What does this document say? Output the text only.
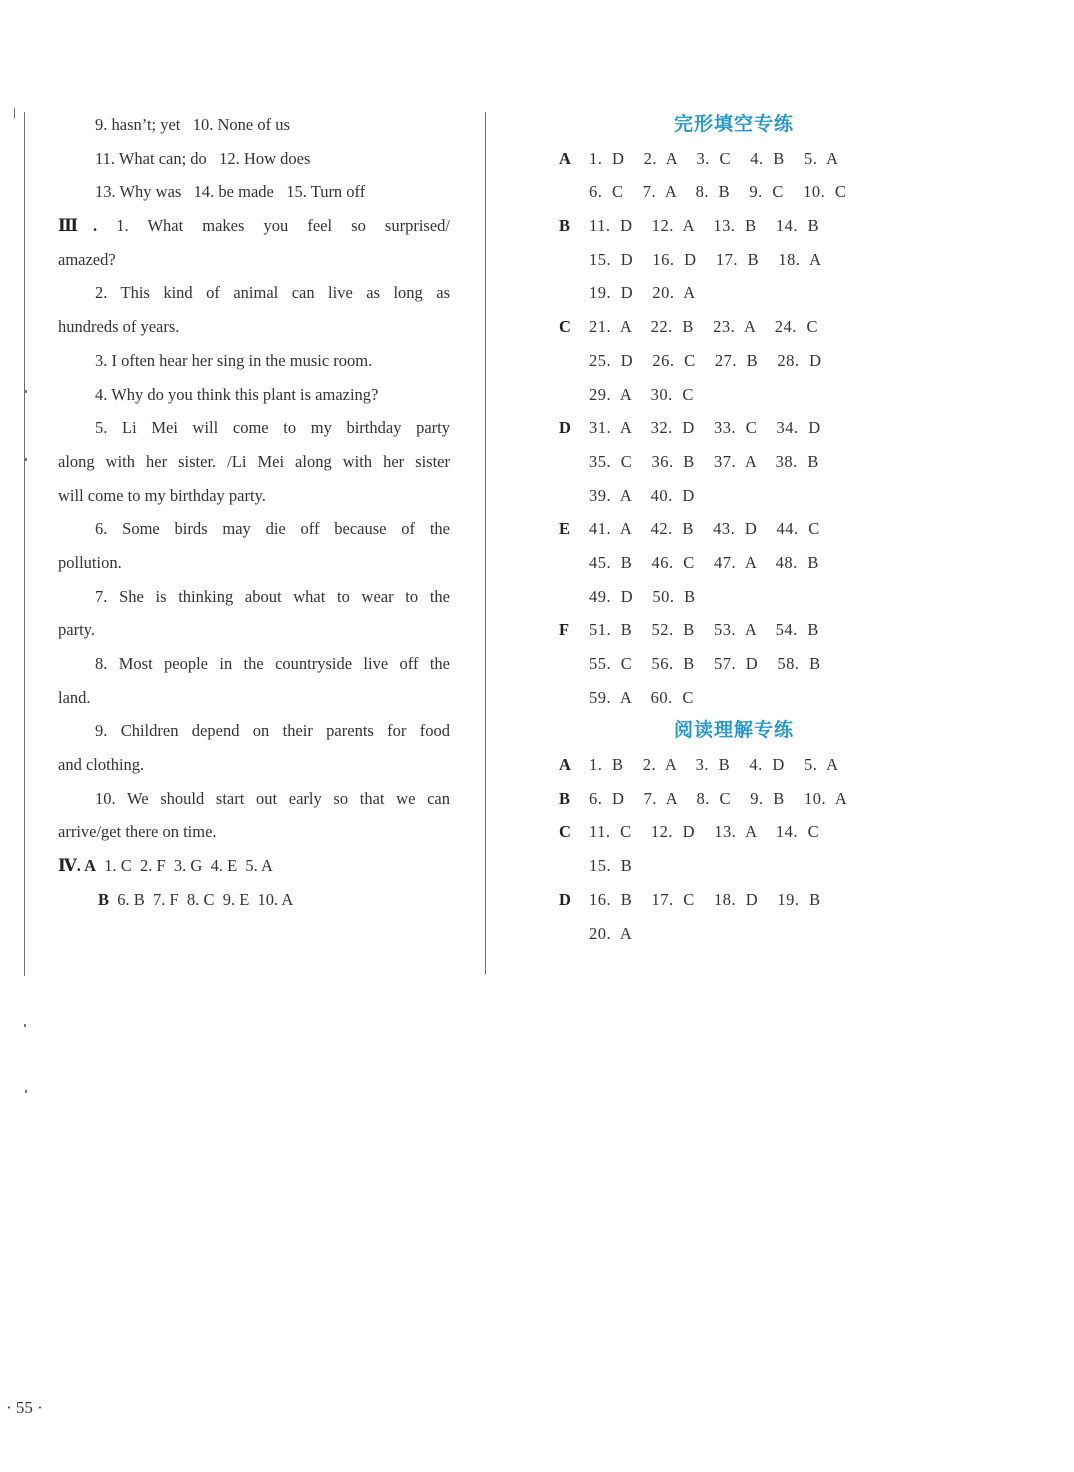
9. hasn’t; yet   10. None of us
11. What can; do   12. How does
13. Why was   14. be made   15. Turn off
Ⅲ. 1. What makes you feel so surprised/
amazed?
2. This kind of animal can live as long as
hundreds of years.
3. I often hear her sing in the music room.
4. Why do you think this plant is amazing?
5. Li Mei will come to my birthday party
along with her sister. /Li Mei along with her sister
will come to my birthday party.
6. Some birds may die off because of the
pollution.
7. She is thinking about what to wear to the
party.
8. Most people in the countryside live off the
land.
9. Children depend on their parents for food
and clothing.
10. We should start out early so that we can
arrive/get there on time.
Ⅳ. A  1. C  2. F  3. G  4. E  5. A
B  6. B  7. F  8. C  9. E  10. A
完形填空专练
A	1. D  2. A  3. C  4. B  5. A
6. C  7. A  8. B  9. C  10. C
B	11. D  12. A  13. B  14. B
15. D  16. D  17. B  18. A
19. D  20. A
C	21. A  22. B  23. A  24. C
25. D  26. C  27. B  28. D
29. A  30. C
D	31. A  32. D  33. C  34. D
35. C  36. B  37. A  38. B
39. A  40. D
E	41. A  42. B  43. D  44. C
45. B  46. C  47. A  48. B
49. D  50. B
F	51. B  52. B  53. A  54. B
55. C  56. B  57. D  58. B
59. A  60. C
阅读理解专练
A	1. B  2. A  3. B  4. D  5. A
B	6. D  7. A  8. C  9. B  10. A
C	11. C  12. D  13. A  14. C
15. B
D	16. B  17. C  18. D  19. B
20. A
· 55 ·
